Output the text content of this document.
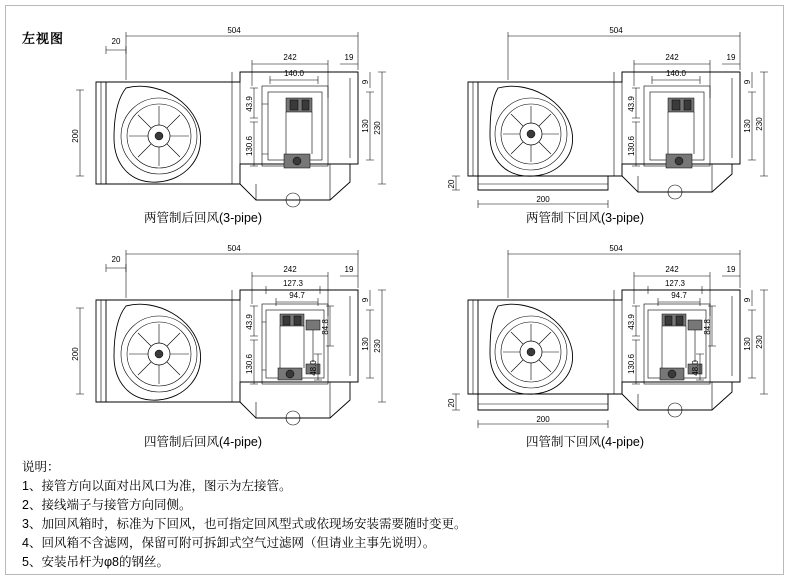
左视图
504
20
242	19
140.0
200
43.9
130.6
9
130 230
两管制后回风(3-pipe)
504
242	19
140.0
43.9
130.6
9
130 230
20
200
两管制下回风(3-pipe)
504
20
242	19
127.3
94.7
200
43.9
130.6
84.8
48.0
9
130 230
四管制后回风(4-pipe)
504
242	19
127.3
94.7
43.9
130.6
84.8
48.0
9
130 230
20
200
四管制下回风(4-pipe)
说明：
1、接管方向以面对出风口为准，图示为左接管。
2、接线端子与接管方向同侧。
3、加回风箱时，标准为下回风，也可指定回风型式或依现场安装需要随时变更。
4、回风箱不含滤网，保留可附可拆卸式空气过滤网（但请业主事先说明）。
5、安装吊杆为φ8的钢丝。
